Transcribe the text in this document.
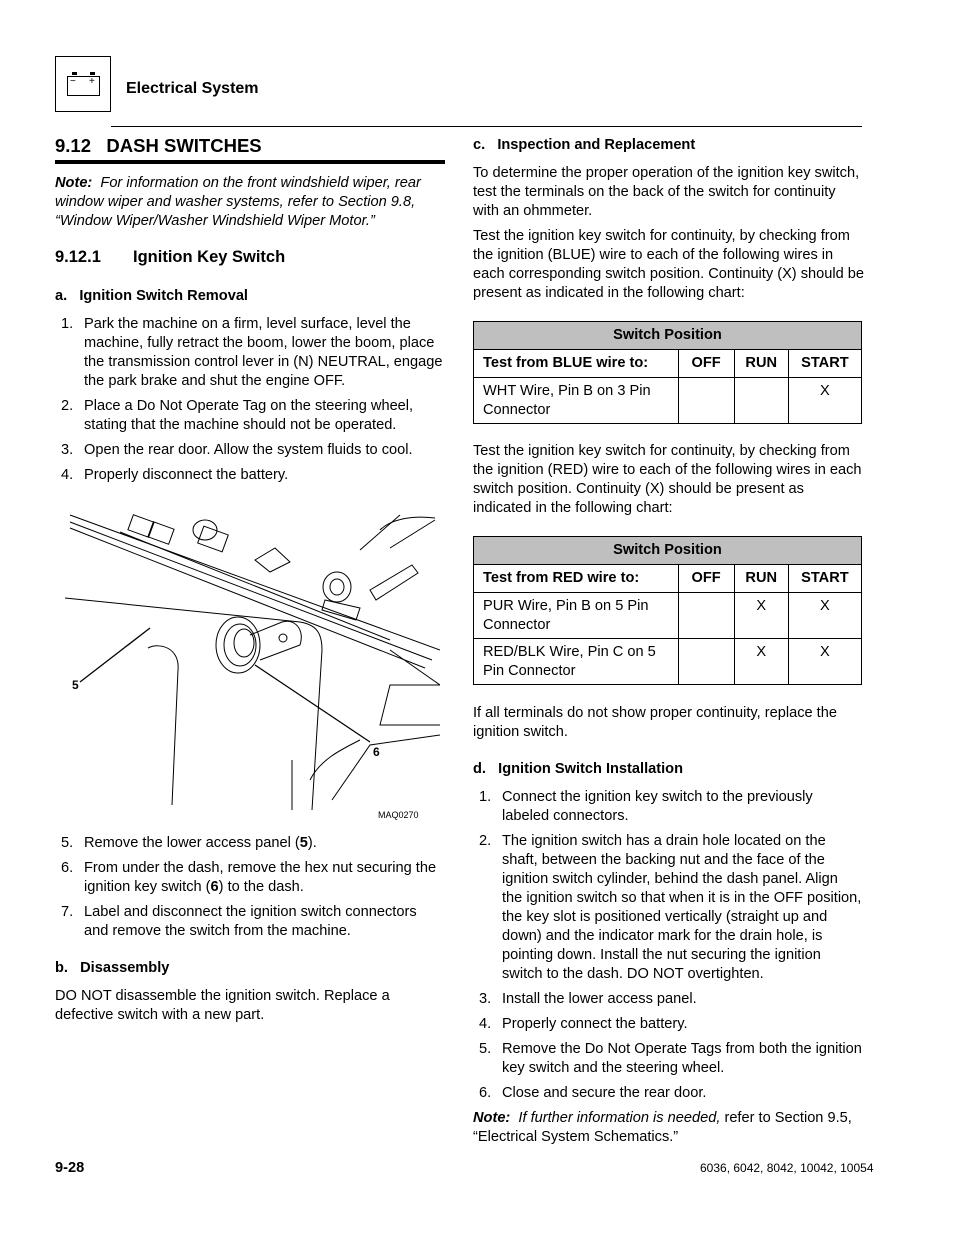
− + Electrical System
9.12   DASH SWITCHES
Note: For information on the front windshield wiper, rear window wiper and washer systems, refer to Section 9.8, “Window Wiper/Washer Windshield Wiper Motor.”
9.12.1 Ignition Key Switch
a.   Ignition Switch Removal
1. Park the machine on a firm, level surface, level the machine, fully retract the boom, lower the boom, place the transmission control lever in (N) NEUTRAL, engage the park brake and shut the engine OFF.
2. Place a Do Not Operate Tag on the steering wheel, stating that the machine should not be operated.
3. Open the rear door. Allow the system fluids to cool.
4. Properly disconnect the battery.
5
6
MAQ0270
5. Remove the lower access panel (5).
6. From under the dash, remove the hex nut securing the ignition key switch (6) to the dash.
7. Label and disconnect the ignition switch connectors and remove the switch from the machine.
b.   Disassembly
DO NOT disassemble the ignition switch. Replace a defective switch with a new part.
c.   Inspection and Replacement
To determine the proper operation of the ignition key switch, test the terminals on the back of the switch for continuity with an ohmmeter.
Test the ignition key switch for continuity, by checking from the ignition (BLUE) wire to each of the following wires in each corresponding switch position. Continuity (X) should be present as indicated in the following chart:
Switch Position			
Test from BLUE wire to:	OFF	RUN	START
WHT Wire, Pin B on 3 Pin Connector			X
Test the ignition key switch for continuity, by checking from the ignition (RED) wire to each of the following wires in each switch position. Continuity (X) should be present as indicated in the following chart:
Switch Position			
Test from RED wire to:	OFF	RUN	START
PUR Wire, Pin B on 5 Pin Connector		X	X
RED/BLK Wire, Pin C on 5 Pin Connector		X	X
If all terminals do not show proper continuity, replace the ignition switch.
d.   Ignition Switch Installation
1. Connect the ignition key switch to the previously labeled connectors.
2. The ignition switch has a drain hole located on the shaft, between the backing nut and the face of the ignition switch cylinder, behind the dash panel. Align the ignition switch so that when it is in the OFF position, the key slot is positioned vertically (straight up and down) and the indicator mark for the drain hole, is pointing down. Install the nut securing the ignition switch to the dash. DO NOT overtighten.
3. Install the lower access panel.
4. Properly connect the battery.
5. Remove the Do Not Operate Tags from both the ignition key switch and the steering wheel.
6. Close and secure the rear door.
Note: If further information is needed, refer to Section 9.5, “Electrical System Schematics.”
9-28	6036, 6042, 8042, 10042, 10054
